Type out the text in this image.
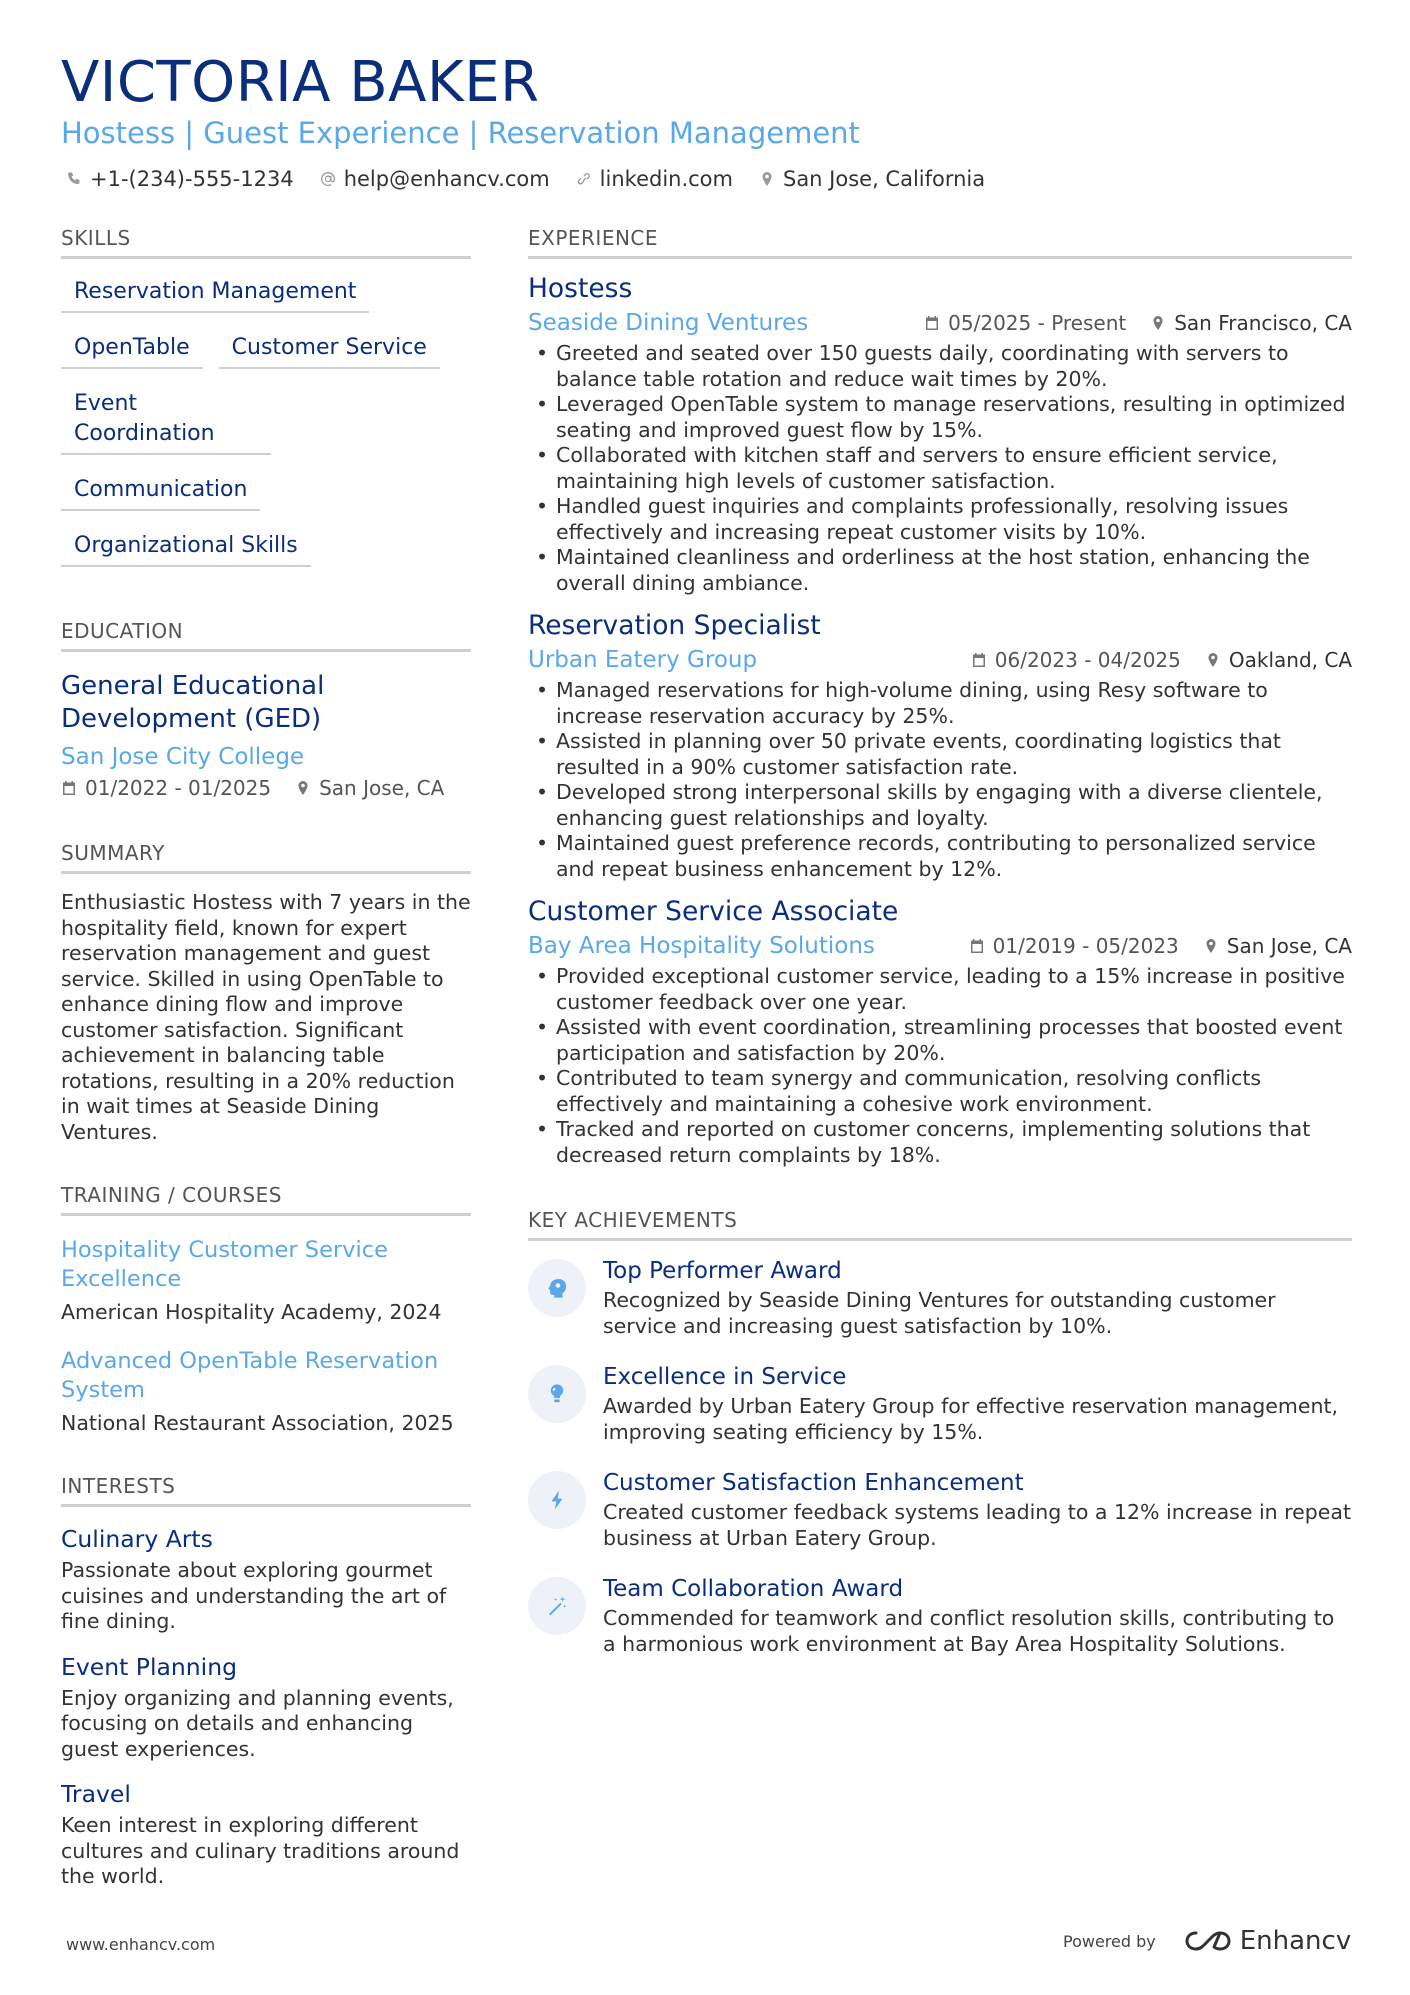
VICTORIA BAKER
Hostess | Guest Experience | Reservation Management
+1-(234)-555-1234 help@enhancv.com linkedin.com San Jose, California
SKILLS
Reservation Management
OpenTable	Customer Service
Event Coordination
Communication
Organizational Skills
EDUCATION
General Educational Development (GED)
San Jose City College
01/2022 - 01/2025 San Jose, CA
SUMMARY
Enthusiastic Hostess with 7 years in the hospitality field, known for expert reservation management and guest service. Skilled in using OpenTable to enhance dining flow and improve customer satisfaction. Significant achievement in balancing table rotations, resulting in a 20% reduction in wait times at Seaside Dining Ventures.
TRAINING / COURSES
Hospitality Customer Service Excellence
American Hospitality Academy, 2024
Advanced OpenTable Reservation System
National Restaurant Association, 2025
INTERESTS
Culinary Arts
Passionate about exploring gourmet cuisines and understanding the art of fine dining.
Event Planning
Enjoy organizing and planning events, focusing on details and enhancing guest experiences.
Travel
Keen interest in exploring different cultures and culinary traditions around the world.
EXPERIENCE
Hostess
Seaside Dining Ventures	05/2025 - Present San Francisco, CA
• Greeted and seated over 150 guests daily, coordinating with servers to balance table rotation and reduce wait times by 20%.
• Leveraged OpenTable system to manage reservations, resulting in optimized seating and improved guest flow by 15%.
• Collaborated with kitchen staff and servers to ensure efficient service, maintaining high levels of customer satisfaction.
• Handled guest inquiries and complaints professionally, resolving issues effectively and increasing repeat customer visits by 10%.
• Maintained cleanliness and orderliness at the host station, enhancing the overall dining ambiance.
Reservation Specialist
Urban Eatery Group	06/2023 - 04/2025 Oakland, CA
• Managed reservations for high-volume dining, using Resy software to increase reservation accuracy by 25%.
• Assisted in planning over 50 private events, coordinating logistics that resulted in a 90% customer satisfaction rate.
• Developed strong interpersonal skills by engaging with a diverse clientele, enhancing guest relationships and loyalty.
• Maintained guest preference records, contributing to personalized service and repeat business enhancement by 12%.
Customer Service Associate
Bay Area Hospitality Solutions	01/2019 - 05/2023 San Jose, CA
• Provided exceptional customer service, leading to a 15% increase in positive customer feedback over one year.
• Assisted with event coordination, streamlining processes that boosted event participation and satisfaction by 20%.
• Contributed to team synergy and communication, resolving conflicts effectively and maintaining a cohesive work environment.
• Tracked and reported on customer concerns, implementing solutions that decreased return complaints by 18%.
KEY ACHIEVEMENTS
Top Performer Award
Recognized by Seaside Dining Ventures for outstanding customer service and increasing guest satisfaction by 10%.
Excellence in Service
Awarded by Urban Eatery Group for effective reservation management, improving seating efficiency by 15%.
Customer Satisfaction Enhancement
Created customer feedback systems leading to a 12% increase in repeat business at Urban Eatery Group.
Team Collaboration Award
Commended for teamwork and conflict resolution skills, contributing to a harmonious work environment at Bay Area Hospitality Solutions.
www.enhancv.com	Powered by	Enhancv
